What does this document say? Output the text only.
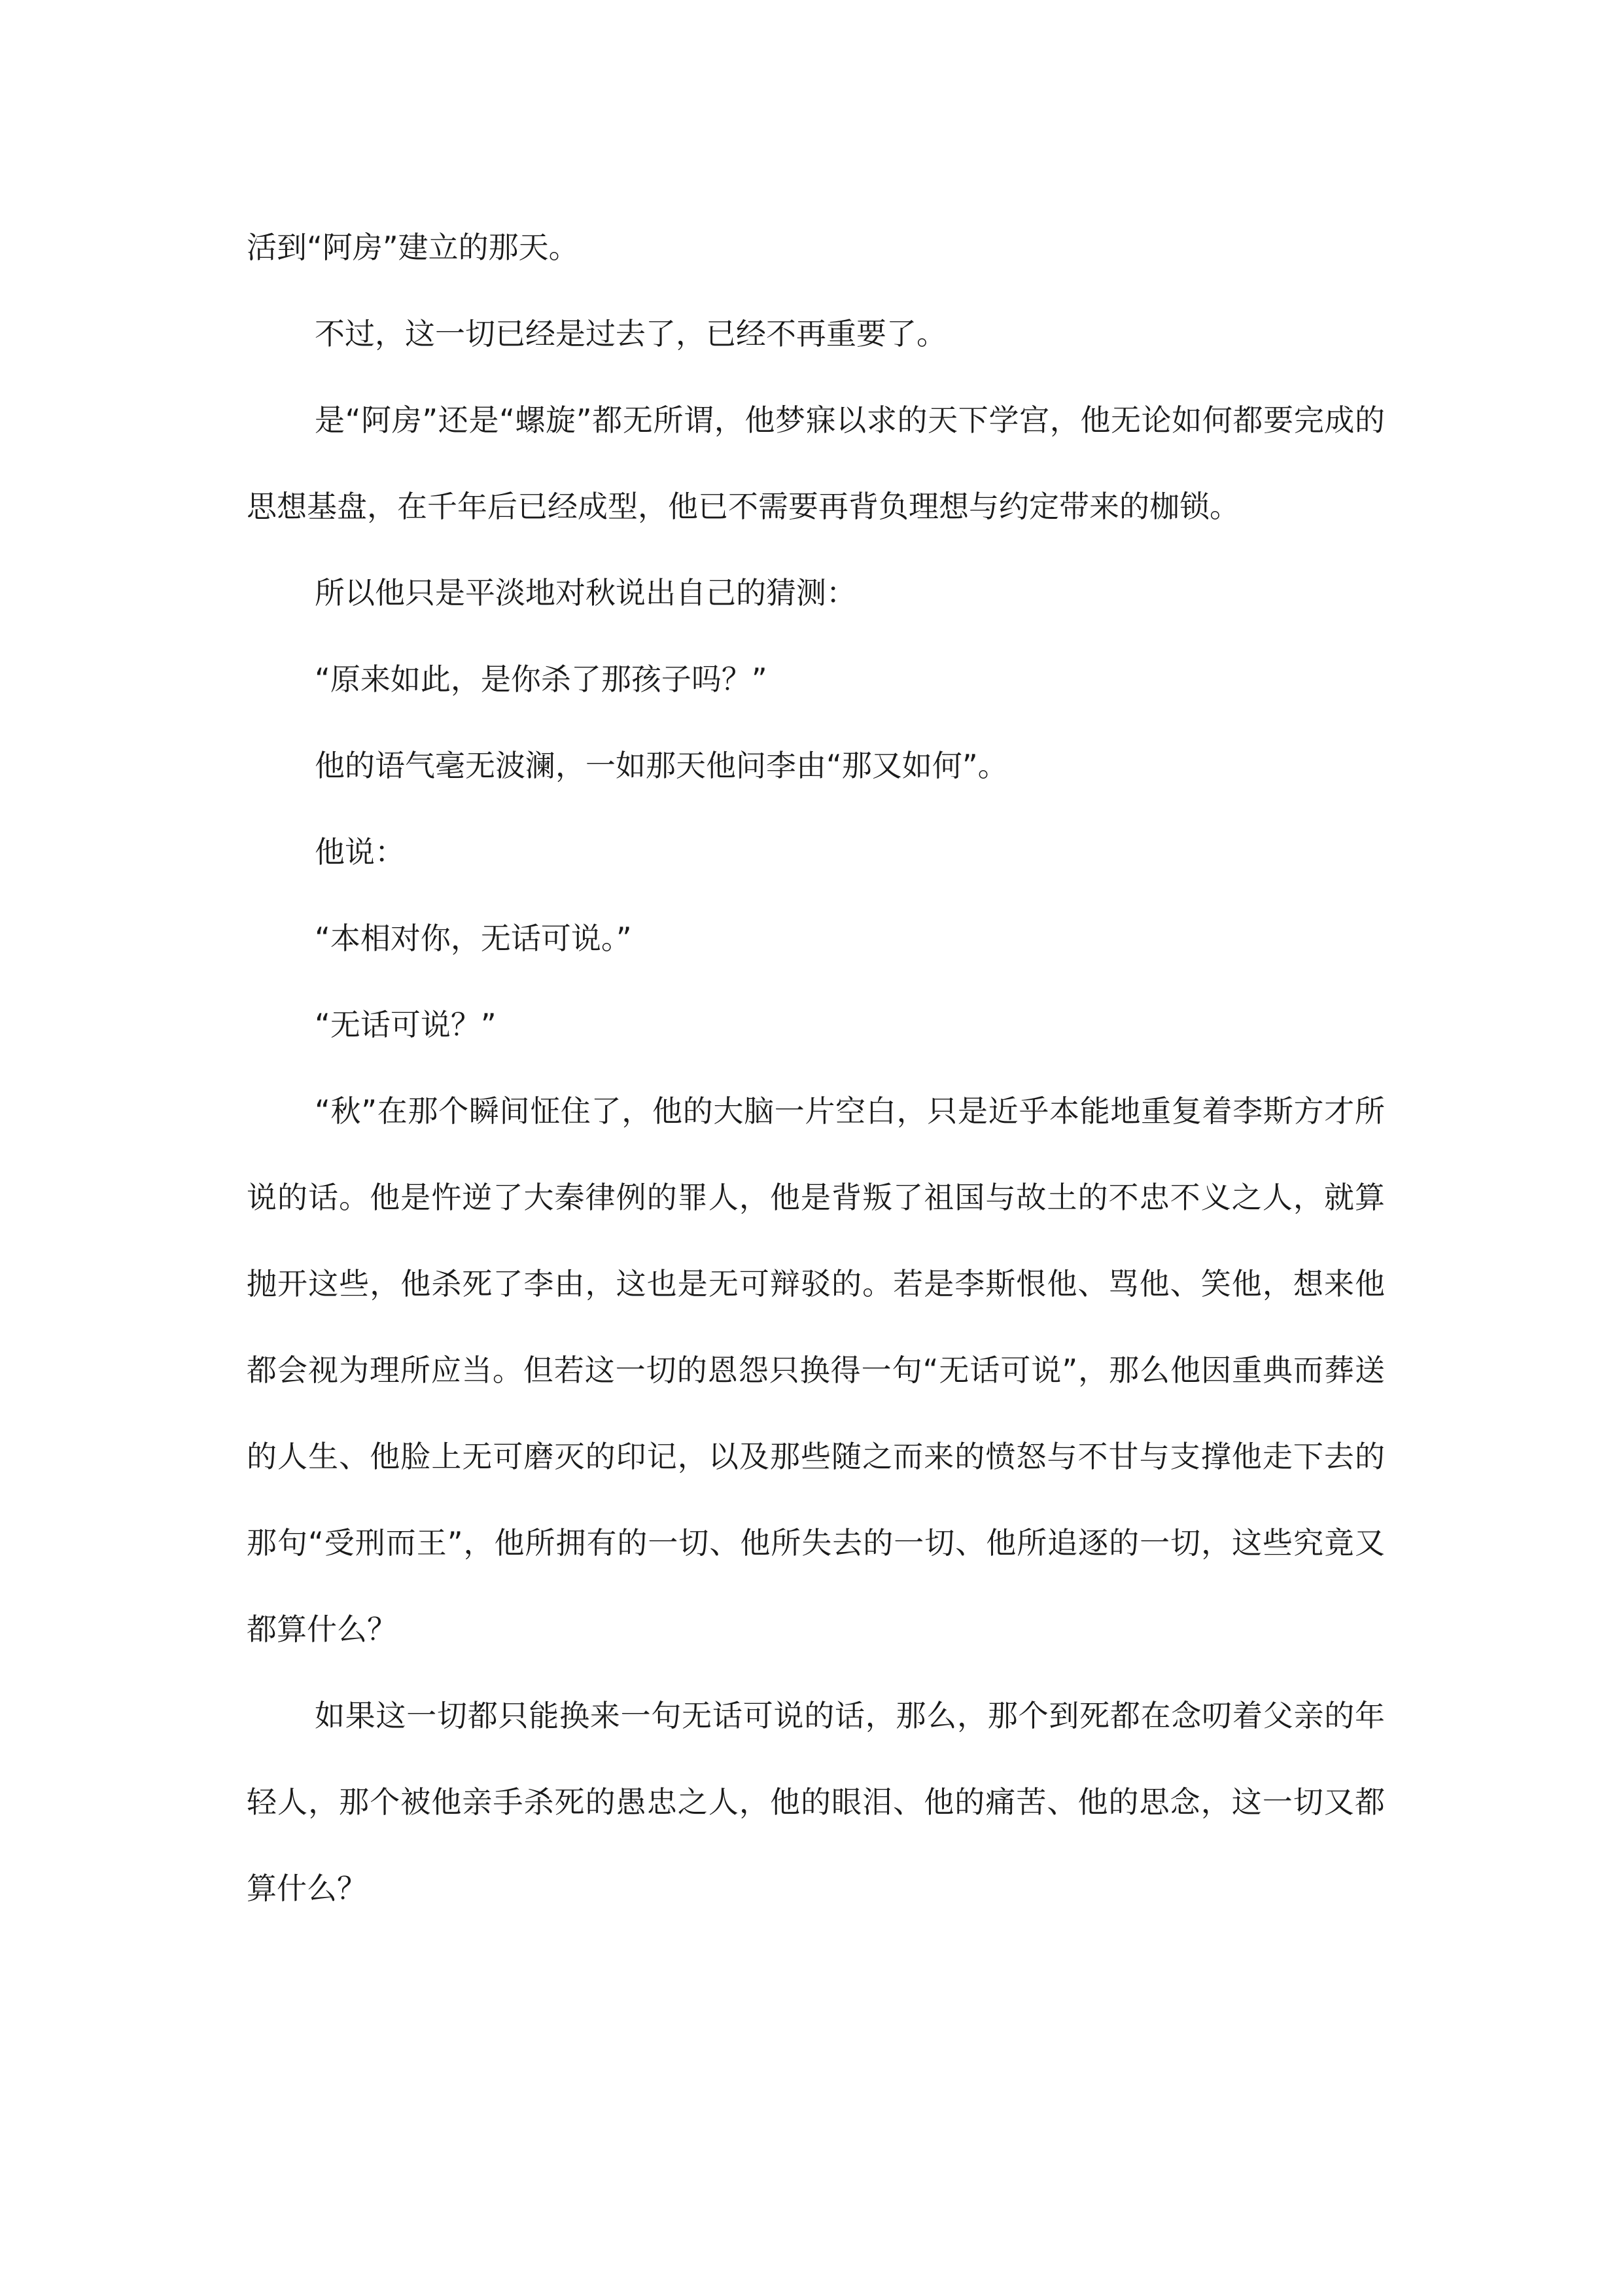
活到“阿房”建立的那天。

不过，这一切已经是过去了，已经不再重要了。

是“阿房”还是“螺旋”都无所谓，他梦寐以求的天下学宫，他无论如何都要完成的思想基盘，在千年后已经成型，他已不需要再背负理想与约定带来的枷锁。

所以他只是平淡地对秋说出自己的猜测：

“原来如此，是你杀了那孩子吗？”

他的语气毫无波澜，一如那天他问李由“那又如何”。

他说：

“本相对你，无话可说。”

“无话可说？”

“秋”在那个瞬间怔住了，他的大脑一片空白，只是近乎本能地重复着李斯方才所说的话。他是忤逆了大秦律例的罪人，他是背叛了祖国与故土的不忠不义之人，就算抛开这些，他杀死了李由，这也是无可辩驳的。若是李斯恨他、骂他、笑他，想来他都会视为理所应当。但若这一切的恩怨只换得一句“无话可说”，那么他因重典而葬送的人生、他脸上无可磨灭的印记，以及那些随之而来的愤怒与不甘与支撑他走下去的那句“受刑而王”，他所拥有的一切、他所失去的一切、他所追逐的一切，这些究竟又都算什么？

如果这一切都只能换来一句无话可说的话，那么，那个到死都在念叨着父亲的年轻人，那个被他亲手杀死的愚忠之人，他的眼泪、他的痛苦、他的思念，这一切又都算什么？
